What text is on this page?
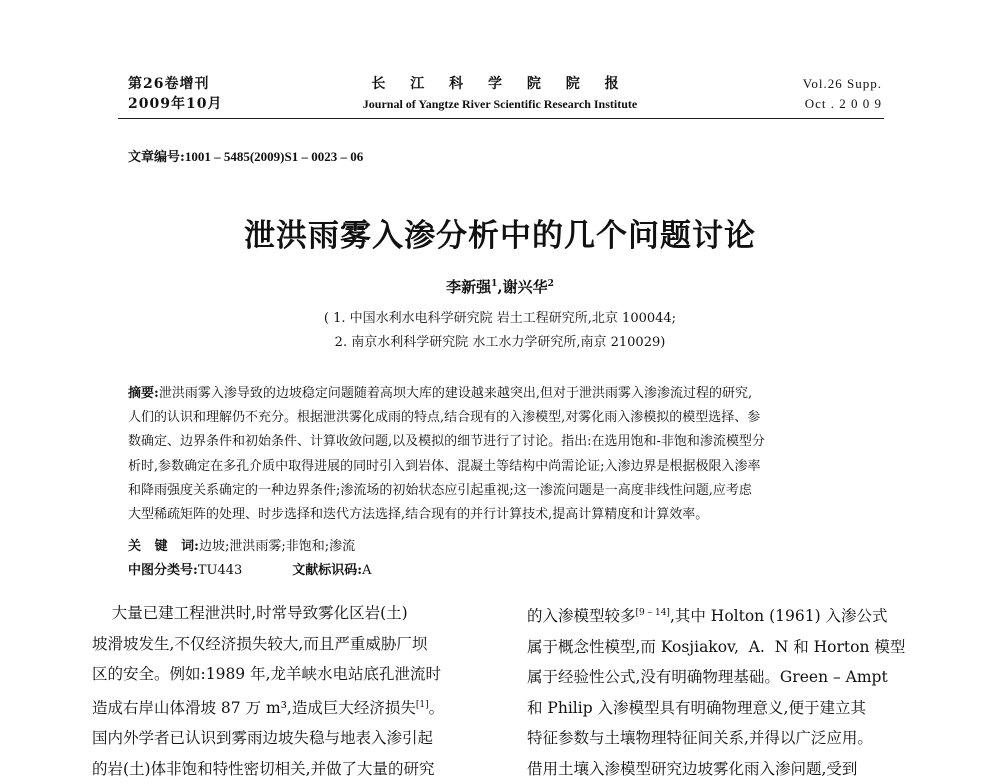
第26卷增刊
2009年10月
长 江 科 学 院 院 报
Journal of Yangtze River Scientific Research Institute
Vol.26 Supp.
Oct . 2 0 0 9
文章编号:1001 – 5485(2009)S1 – 0023 – 06
泄洪雨雾入渗分析中的几个问题讨论
李新强$^1$,谢兴华$^2$
( 1. 中国水利水电科学研究院 岩土工程研究所,北京 100044;
2. 南京水利科学研究院 水工水力学研究所,南京 210029)
摘要:泄洪雨雾入渗导致的边坡稳定问题随着高坝大库的建设越来越突出,但对于泄洪雨雾入渗渗流过程的研究,
人们的认识和理解仍不充分。根据泄洪雾化成雨的特点,结合现有的入渗模型,对雾化雨入渗模拟的模型选择、参
数确定、边界条件和初始条件、计算收敛问题,以及模拟的细节进行了讨论。指出:在选用饱和-非饱和渗流模型分
析时,参数确定在多孔介质中取得进展的同时引入到岩体、混凝土等结构中尚需论证;入渗边界是根据极限入渗率
和降雨强度关系确定的一种边界条件;渗流场的初始状态应引起重视;这一渗流问题是一高度非线性问题,应考虑
大型稀疏矩阵的处理、时步选择和迭代方法选择,结合现有的并行计算技术,提高计算精度和计算效率。
关   键   词:边坡;泄洪雨雾;非饱和;渗流
中图分类号:TU443	文献标识码:A
大量已建工程泄洪时,时常导致雾化区岩(土)
坡滑坡发生,不仅经济损失较大,而且严重威胁厂坝
区的安全。例如:1989 年,龙羊峡水电站底孔泄流时
造成右岸山体滑坡 87 万 m³,造成巨大经济损失[1]。
国内外学者已认识到雾雨边坡失稳与地表入渗引起
的岩(土)体非饱和特性密切相关,并做了大量的研究
的入渗模型较多[9 – 14],其中 Holton (1961) 入渗公式
属于概念性模型,而 Kosjiakov,  A.  N 和 Horton 模型
属于经验性公式,没有明确物理基础。Green – Ampt
和 Philip 入渗模型具有明确物理意义,便于建立其
特征参数与土壤物理特征间关系,并得以广泛应用。
借用土壤入渗模型研究边坡雾化雨入渗问题,受到
